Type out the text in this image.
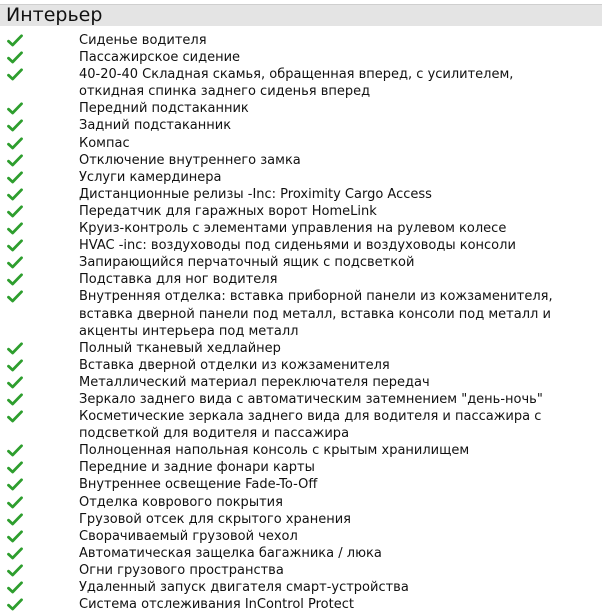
Интерьер
Сиденье водителя
Пассажирское сидение
40-20-40 Складная скамья, обращенная вперед, с усилителем,
откидная спинка заднего сиденья вперед
Передний подстаканник
Задний подстаканник
Компас
Отключение внутреннего замка
Услуги камердинера
Дистанционные релизы -Inc: Proximity Cargo Access
Передатчик для гаражных ворот HomeLink
Круиз-контроль с элементами управления на рулевом колесе
HVAC -inc: воздуховоды под сиденьями и воздуховоды консоли
Запирающийся перчаточный ящик с подсветкой
Подставка для ног водителя
Внутренняя отделка: вставка приборной панели из кожзаменителя,
вставка дверной панели под металл, вставка консоли под металл и
акценты интерьера под металл
Полный тканевый хедлайнер
Вставка дверной отделки из кожзаменителя
Металлический материал переключателя передач
Зеркало заднего вида с автоматическим затемнением "день-ночь"
Косметические зеркала заднего вида для водителя и пассажира с
подсветкой для водителя и пассажира
Полноценная напольная консоль с крытым хранилищем
Передние и задние фонари карты
Внутреннее освещение Fade-To-Off
Отделка коврового покрытия
Грузовой отсек для скрытого хранения
Сворачиваемый грузовой чехол
Автоматическая защелка багажника / люка
Огни грузового пространства
Удаленный запуск двигателя смарт-устройства
Система отслеживания InControl Protect
